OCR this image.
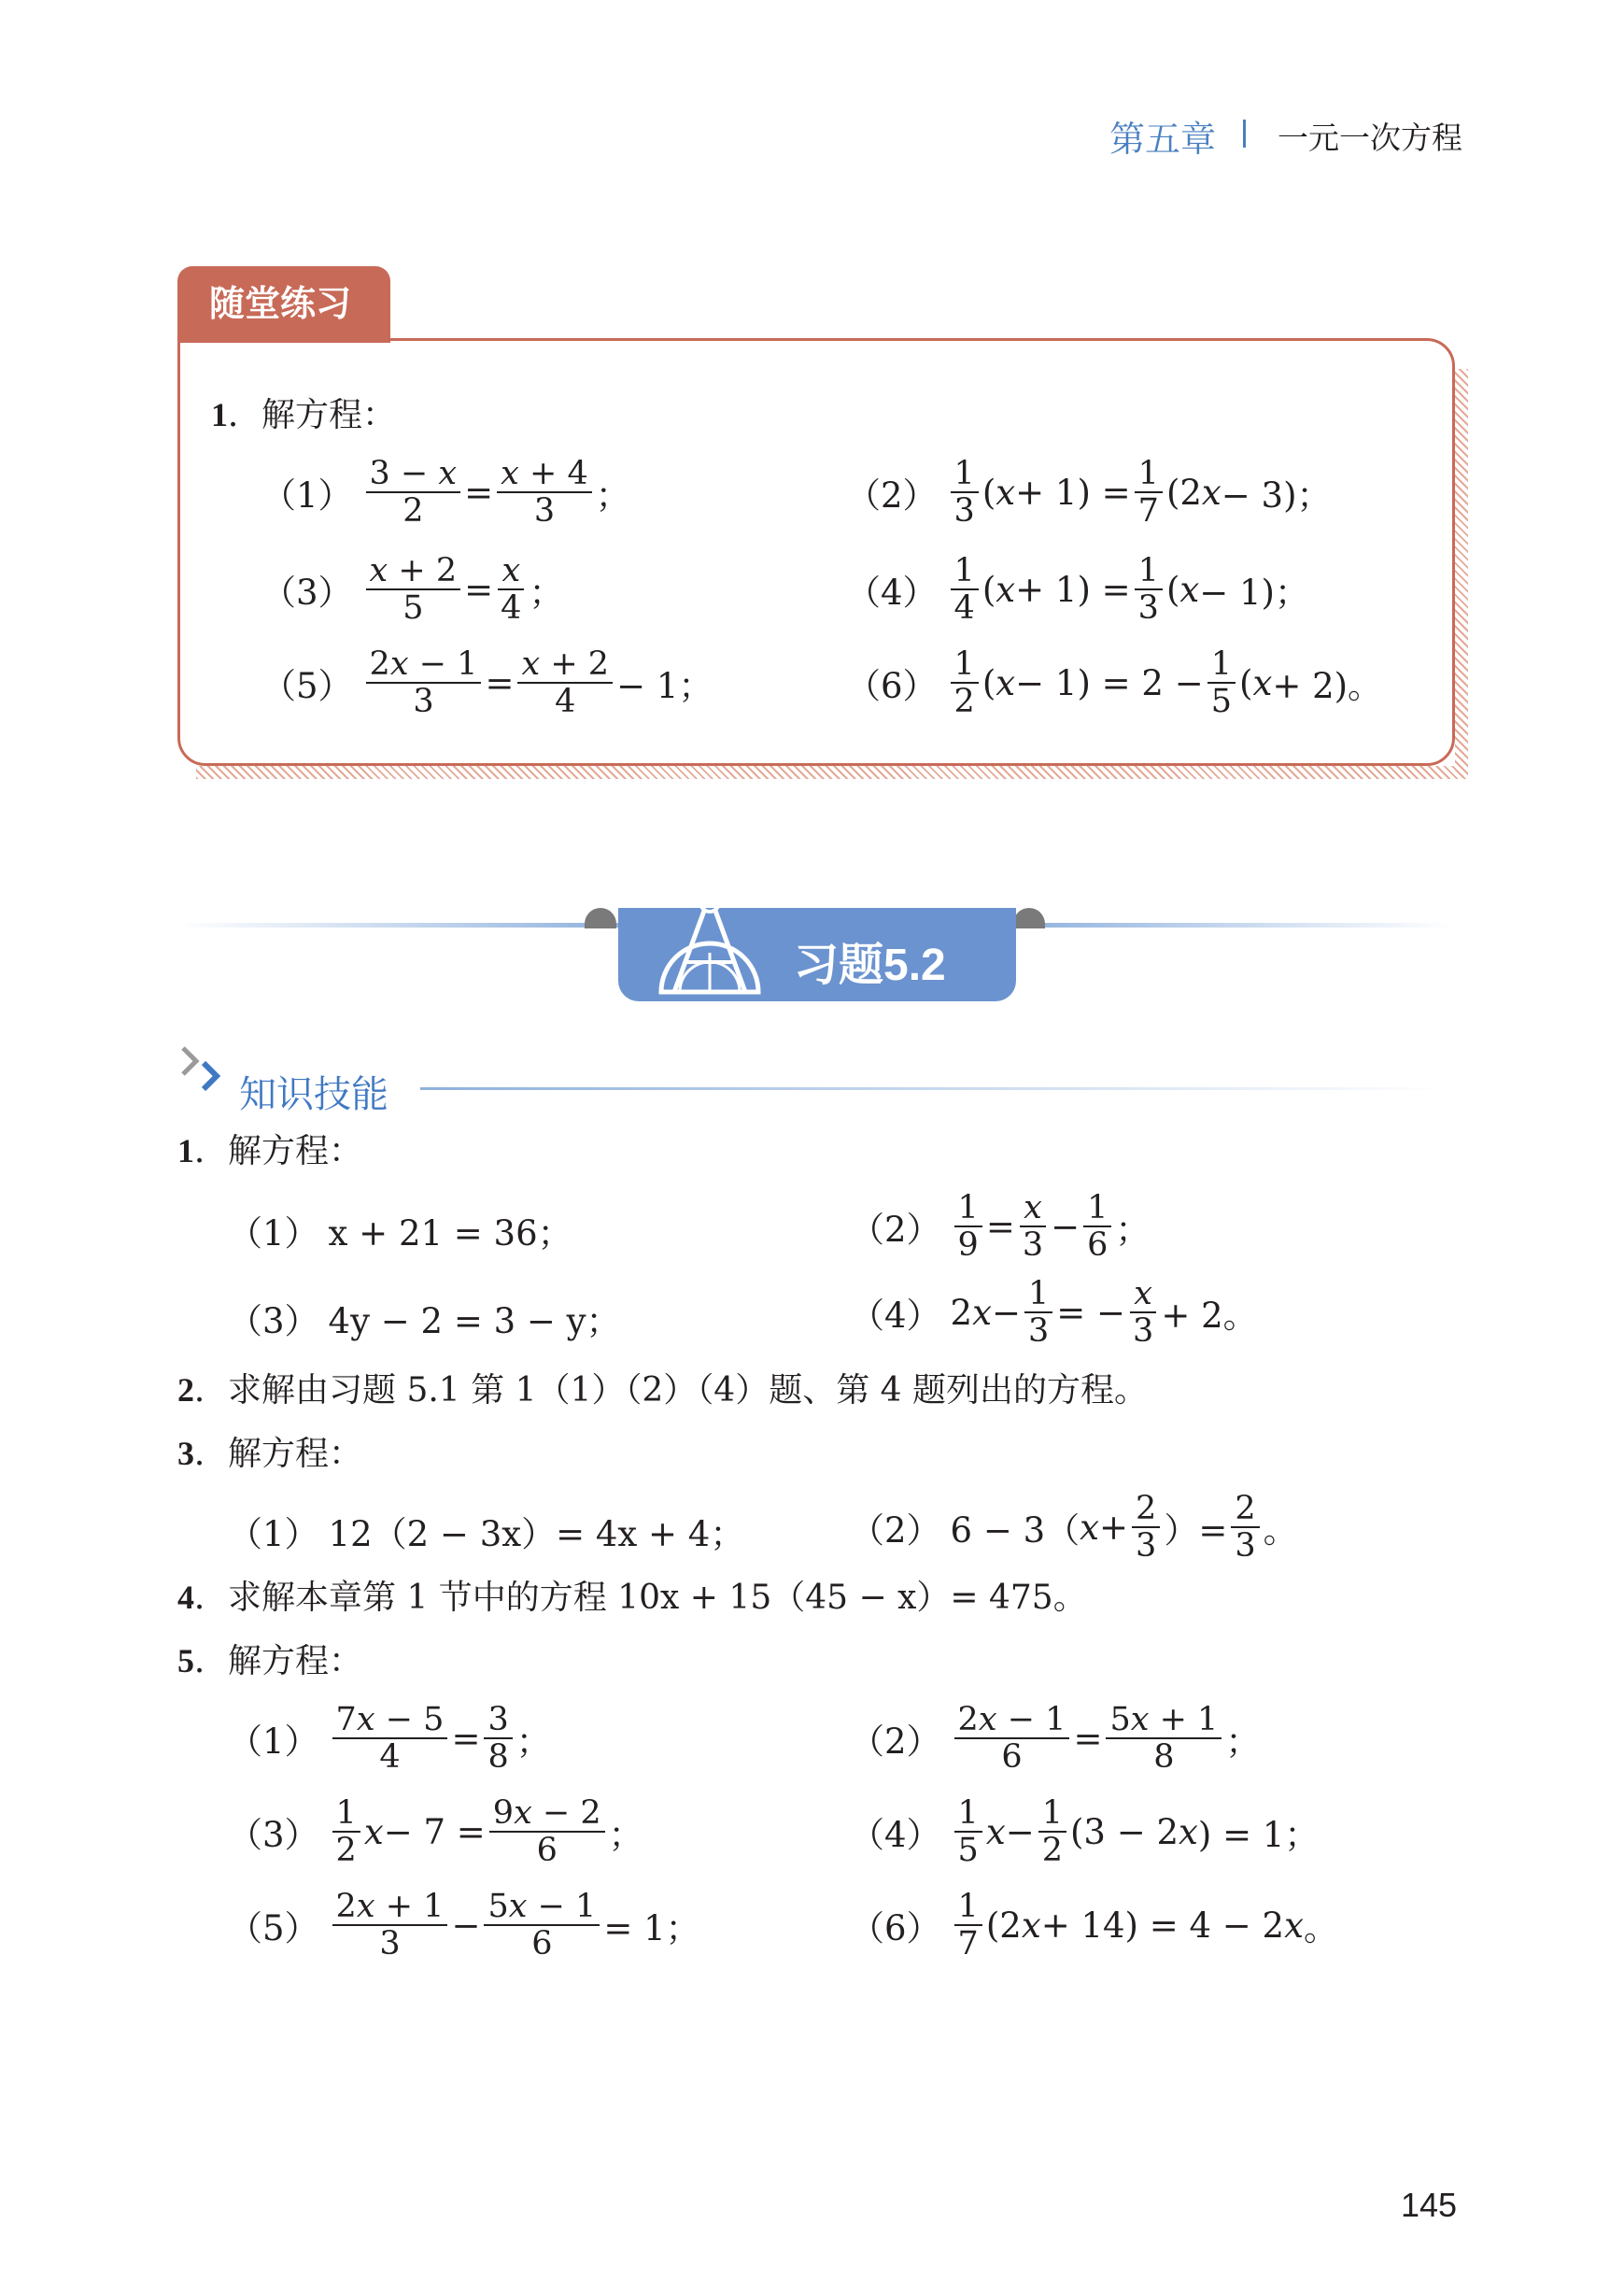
第五章 一元一次方程
随堂练习
1．解方程：
$(1) \frac{3 - x}{2} = \frac{x + 4}{3}$ ；	$(2) \frac{1}{3}$ ( $x + 1) = \frac{1}{7} (2$ x − 3)；
$(3) \frac{x + 2}{5} = \frac{x}{4}$ ；	$(4) \frac{1}{4}$ ( $x + 1) = \frac{1}{3}$ ( x − 1)；
$(5) \frac{2x - 1}{3} = \frac{x + 2}{4} - 1$；	$(6) \frac{1}{2}$ ( $x - 1) = 2 - \frac{1}{5}$ ( x + 2)。
习题5.2
知识技能
1．解方程：
（1） x + 21 = 36；	$(2) \frac{1}{9} = \frac{x}{3} - \frac{1}{6}$ ；
（3） 4y − 2 = 3 − y；	（4） 2 $x - \frac{1}{3}$ = − $\frac{x}{3} + 2$。
2．求解由习题 5.1 第 1（1）（2）（4）题、第 4 题列出的方程。
3．解方程：
（1） 12（2 − 3x）= 4x + 4；	（2） 6 − 3（ $x + \frac{2}{3}$ ）= $\frac{2}{3}$ 。
4．求解本章第 1 节中的方程 10x + 15（45 − x）= 475。
5．解方程：
$(1) \frac{7x - 5}{4} = \frac{3}{8}$ ；	$(2) \frac{2x - 1}{6} = \frac{5x + 1}{8}$ ；
$(3) \frac{1}{2}$ $x - 7 = \frac{9x - 2}{6}$ ；	$(4) \frac{1}{5}$ $x - \frac{1}{2} (3 - 2$ x ) = 1；
$(5) \frac{2x + 1}{3} - \frac{5x - 1}{6} = 1$；	$(6) \frac{1}{7} (2$ x + 14) = 4 − 2 x 。
145
